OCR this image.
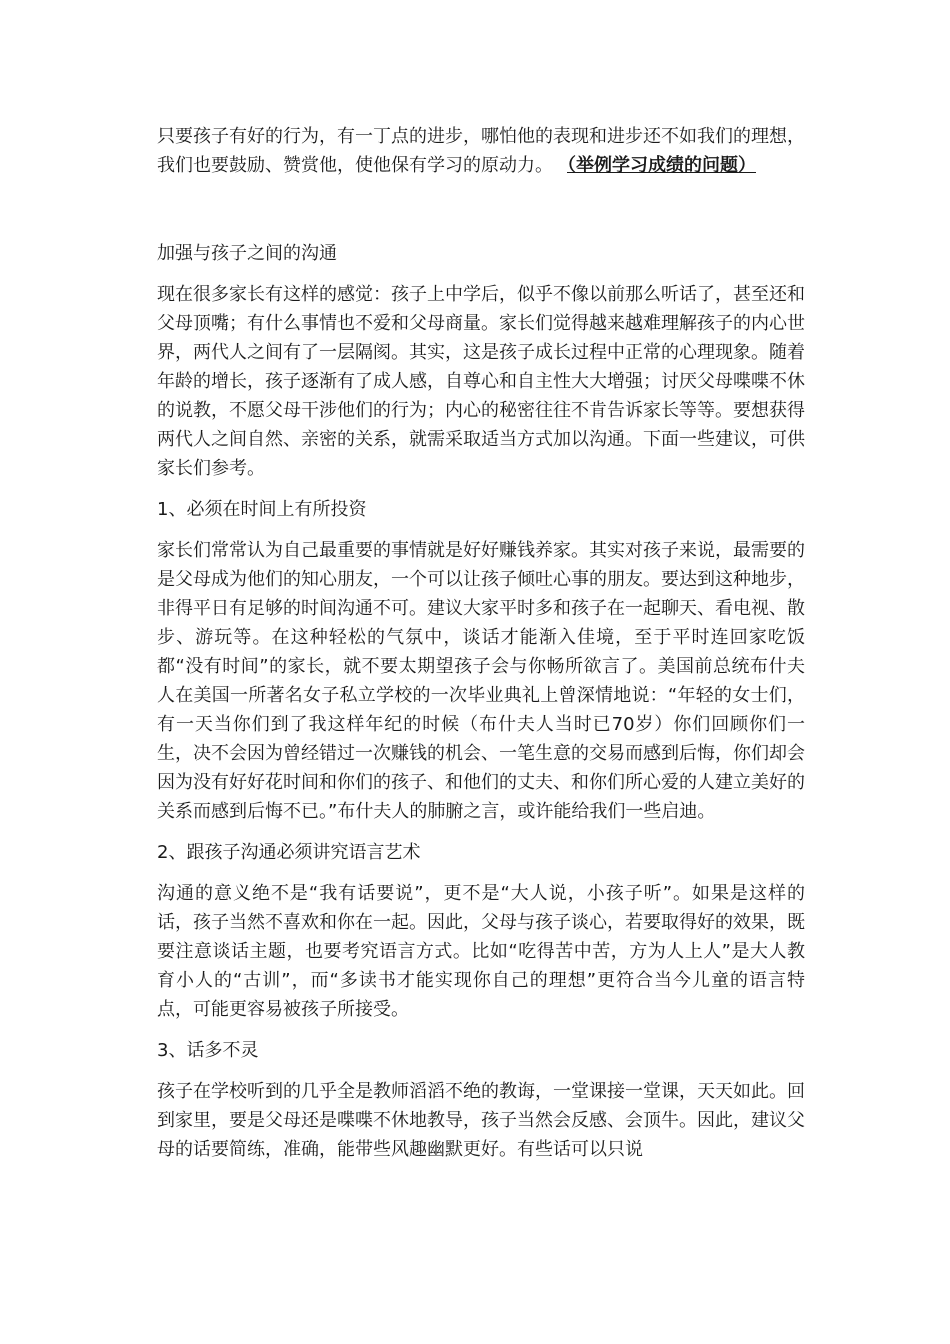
只要孩子有好的行为，有一丁点的进步，哪怕他的表现和进步还不如我们的理想，我们也要鼓励、赞赏他，使他保有学习的原动力。 （举例学习成绩的问题）

加强与孩子之间的沟通

现在很多家长有这样的感觉：孩子上中学后，似乎不像以前那么听话了，甚至还和父母顶嘴；有什么事情也不爱和父母商量。家长们觉得越来越难理解孩子的内心世界，两代人之间有了一层隔阂。其实，这是孩子成长过程中正常的心理现象。随着年龄的增长，孩子逐渐有了成人感，自尊心和自主性大大增强；讨厌父母喋喋不休的说教，不愿父母干涉他们的行为；内心的秘密往往不肯告诉家长等等。要想获得两代人之间自然、亲密的关系，就需采取适当方式加以沟通。下面一些建议，可供家长们参考。

1、必须在时间上有所投资

家长们常常认为自己最重要的事情就是好好赚钱养家。其实对孩子来说，最需要的是父母成为他们的知心朋友，一个可以让孩子倾吐心事的朋友。要达到这种地步，非得平日有足够的时间沟通不可。建议大家平时多和孩子在一起聊天、看电视、散步、游玩等。在这种轻松的气氛中，谈话才能渐入佳境，至于平时连回家吃饭都“没有时间”的家长，就不要太期望孩子会与你畅所欲言了。美国前总统布什夫人在美国一所著名女子私立学校的一次毕业典礼上曾深情地说：“年轻的女士们，有一天当你们到了我这样年纪的时候（布什夫人当时已70岁）你们回顾你们一生，决不会因为曾经错过一次赚钱的机会、一笔生意的交易而感到后悔，你们却会因为没有好好花时间和你们的孩子、和他们的丈夫、和你们所心爱的人建立美好的关系而感到后悔不已。”布什夫人的肺腑之言，或许能给我们一些启迪。

2、跟孩子沟通必须讲究语言艺术

沟通的意义绝不是“我有话要说”，更不是“大人说，小孩子听”。如果是这样的话，孩子当然不喜欢和你在一起。因此，父母与孩子谈心，若要取得好的效果，既要注意谈话主题，也要考究语言方式。比如“吃得苦中苦，方为人上人”是大人教育小人的“古训”，而“多读书才能实现你自己的理想”更符合当今儿童的语言特点，可能更容易被孩子所接受。

3、话多不灵

孩子在学校听到的几乎全是教师滔滔不绝的教诲，一堂课接一堂课，天天如此。回到家里，要是父母还是喋喋不休地教导，孩子当然会反感、会顶牛。因此，建议父母的话要简练，准确，能带些风趣幽默更好。有些话可以只说
